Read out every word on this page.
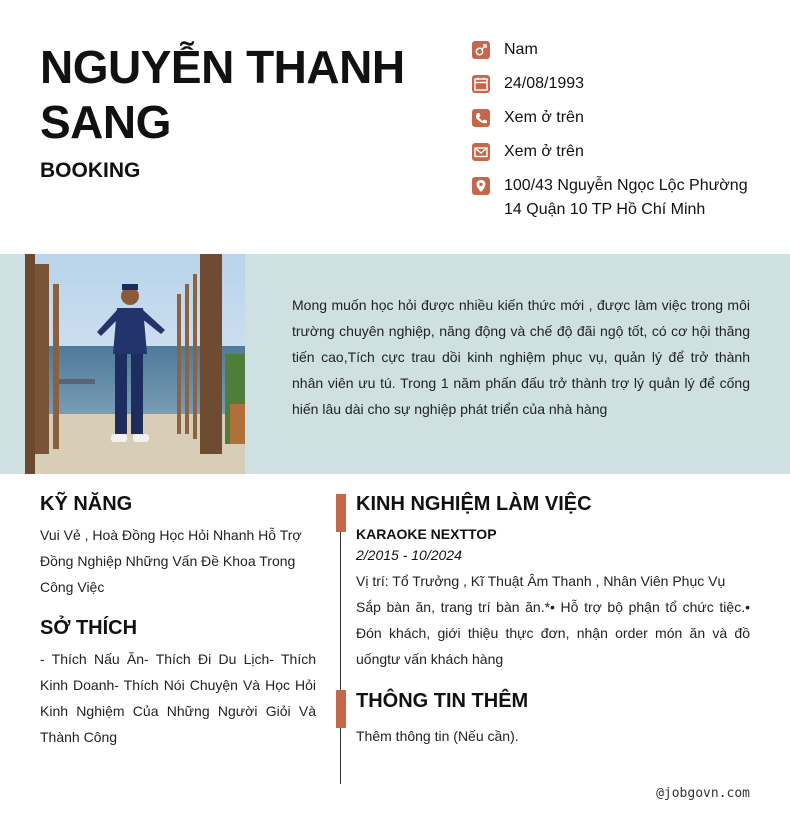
NGUYỄN THANH SANG
BOOKING
Nam
24/08/1993
Xem ở trên
Xem ở trên
100/43 Nguyễn Ngọc Lộc Phường 14 Quận 10 TP Hồ Chí Minh
Mong muốn học hỏi được nhiều kiến thức mới , được làm việc trong môi trường chuyên nghiệp, năng động và chế độ đãi ngộ tốt, có cơ hội thăng tiến cao,Tích cực trau dồi kinh nghiệm phục vụ, quản lý để trở thành nhân viên ưu tú. Trong 1 năm phấn đấu trở thành trợ lý quản lý để cống hiến lâu dài cho sự nghiệp phát triển của nhà hàng
KỸ NĂNG
Vui Vẻ , Hoà Đồng Học Hỏi Nhanh Hỗ Trợ Đồng Nghiệp Những Vấn Đề Khoa Trong Công Việc
SỞ THÍCH
- Thích Nấu Ăn- Thích Đi Du Lịch- Thích Kinh Doanh- Thích Nói Chuyện Và Học Hỏi Kinh Nghiệm Của Những Người Giỏi Và Thành Công
KINH NGHIỆM LÀM VIỆC
KARAOKE NEXTTOP
2/2015 - 10/2024
Vị trí: Tổ Trưởng , Kĩ Thuật Âm Thanh , Nhân Viên Phục Vụ
Sắp bàn ăn, trang trí bàn ăn.*• Hỗ trợ bộ phận tổ chức tiệc.• Đón khách, giới thiệu thực đơn, nhận order món ăn và đồ uốngtư vấn khách hàng
THÔNG TIN THÊM
Thêm thông tin (Nếu cần).
@jobgovn.com
